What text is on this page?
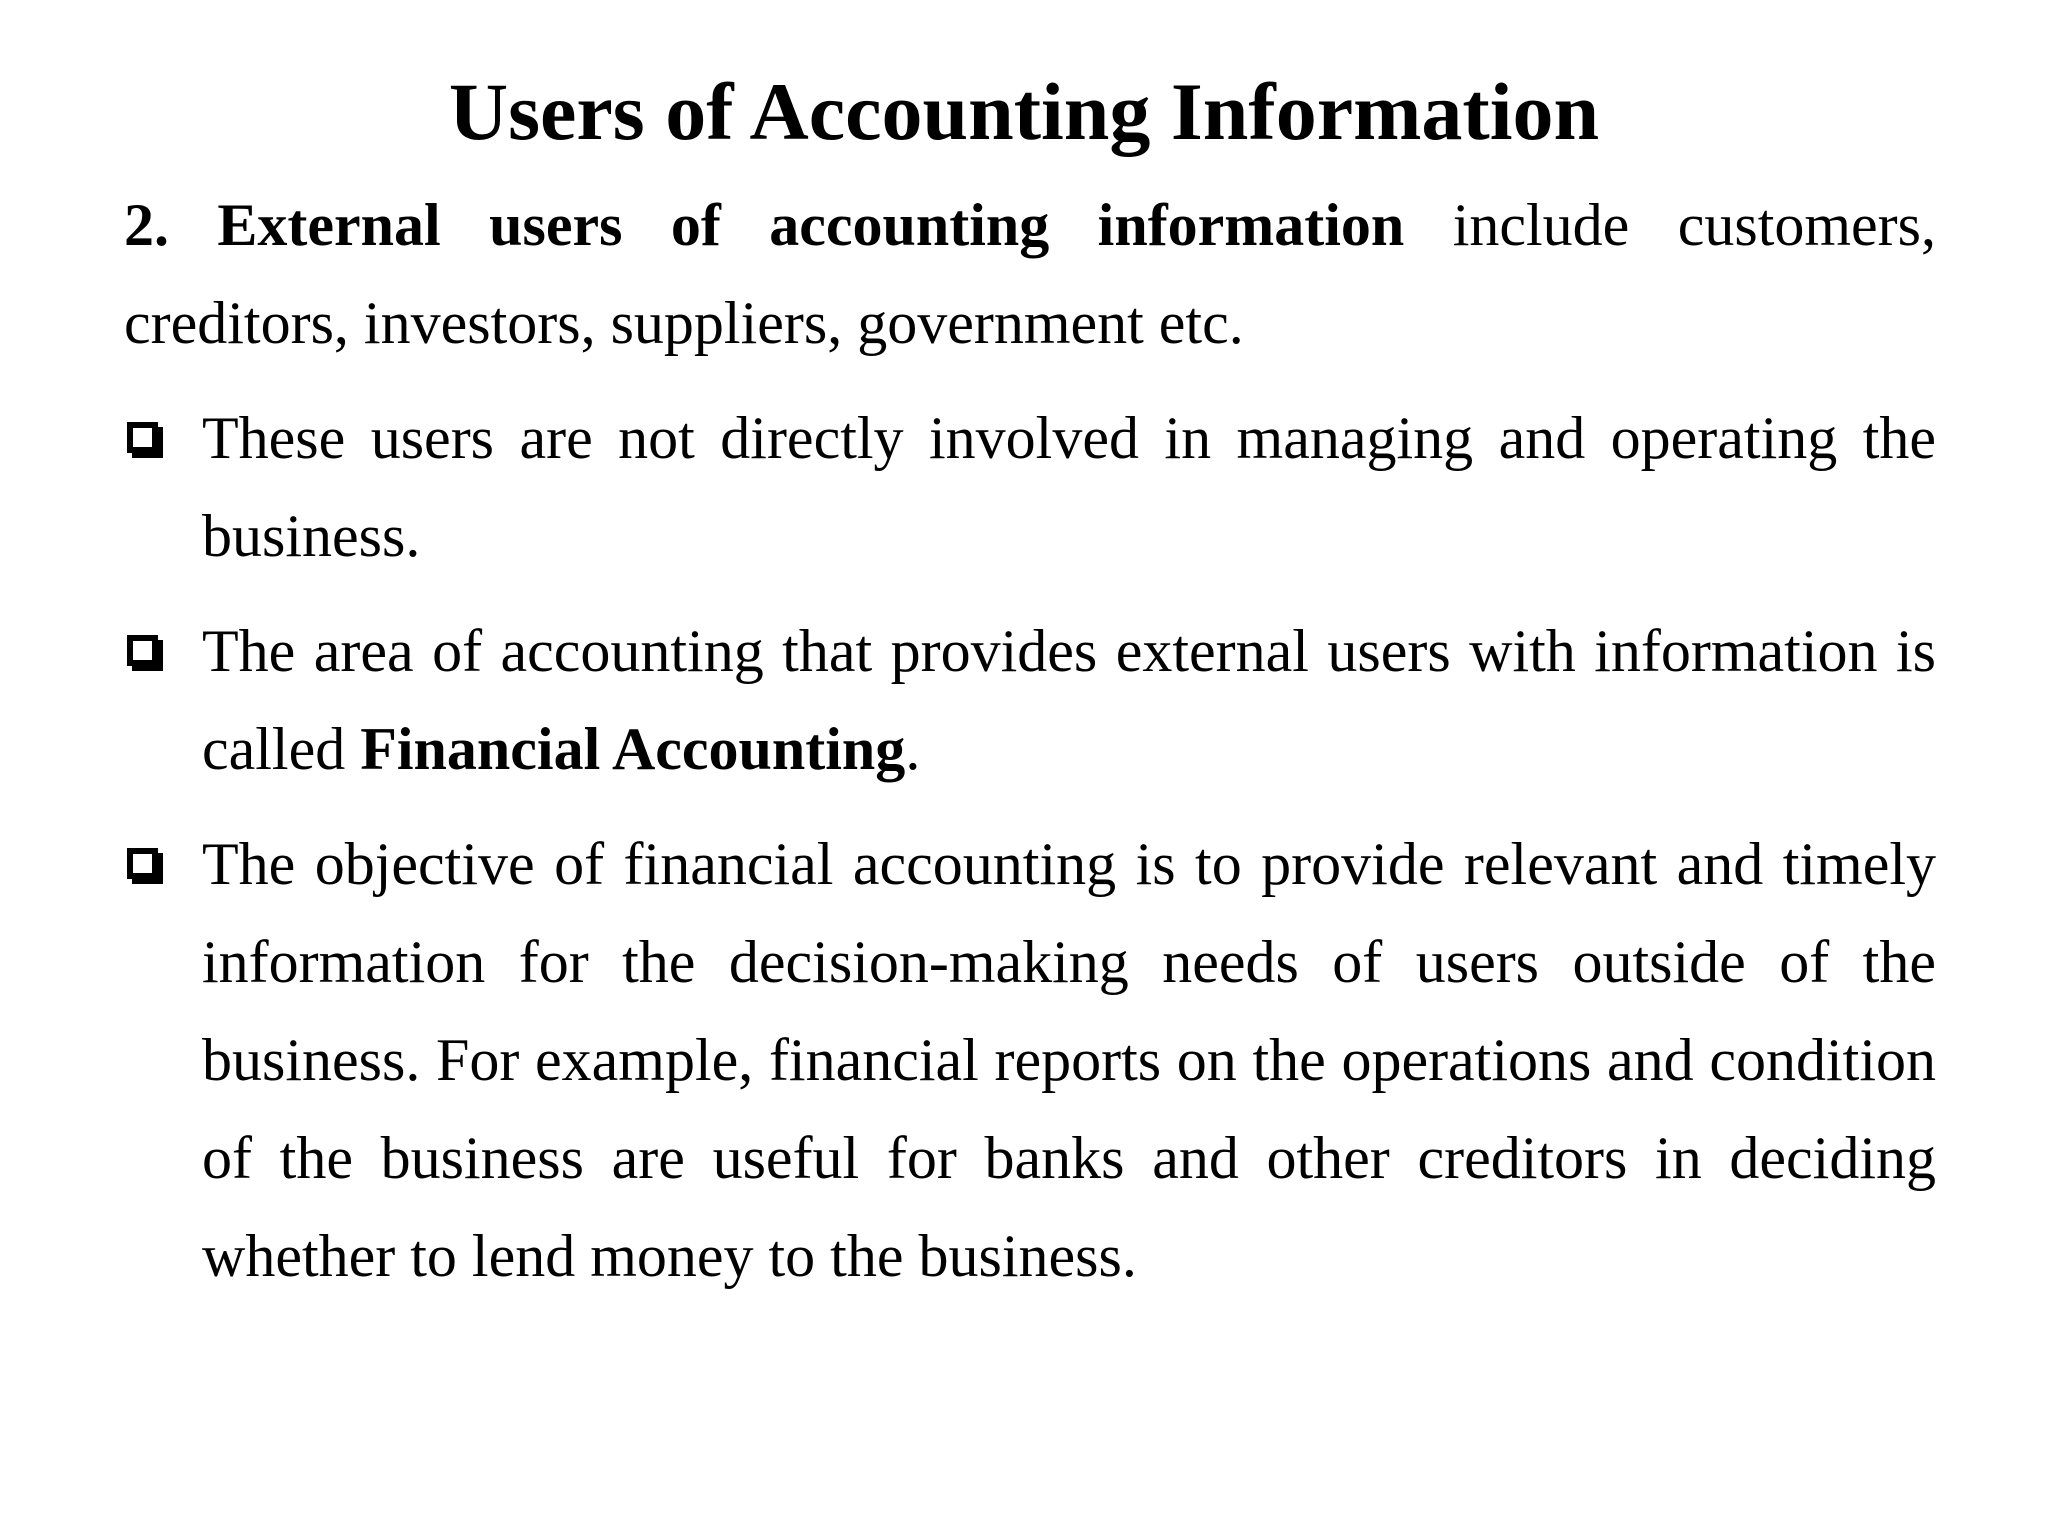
Users of Accounting Information

2. External users of accounting information include customers, creditors, investors, suppliers, government etc.

These users are not directly involved in managing and operating the business.
The area of accounting that provides external users with information is called Financial Accounting.
The objective of financial accounting is to provide relevant and timely information for the decision-making needs of users outside of the business. For example, financial reports on the operations and condition of the business are useful for banks and other creditors in deciding whether to lend money to the business.
